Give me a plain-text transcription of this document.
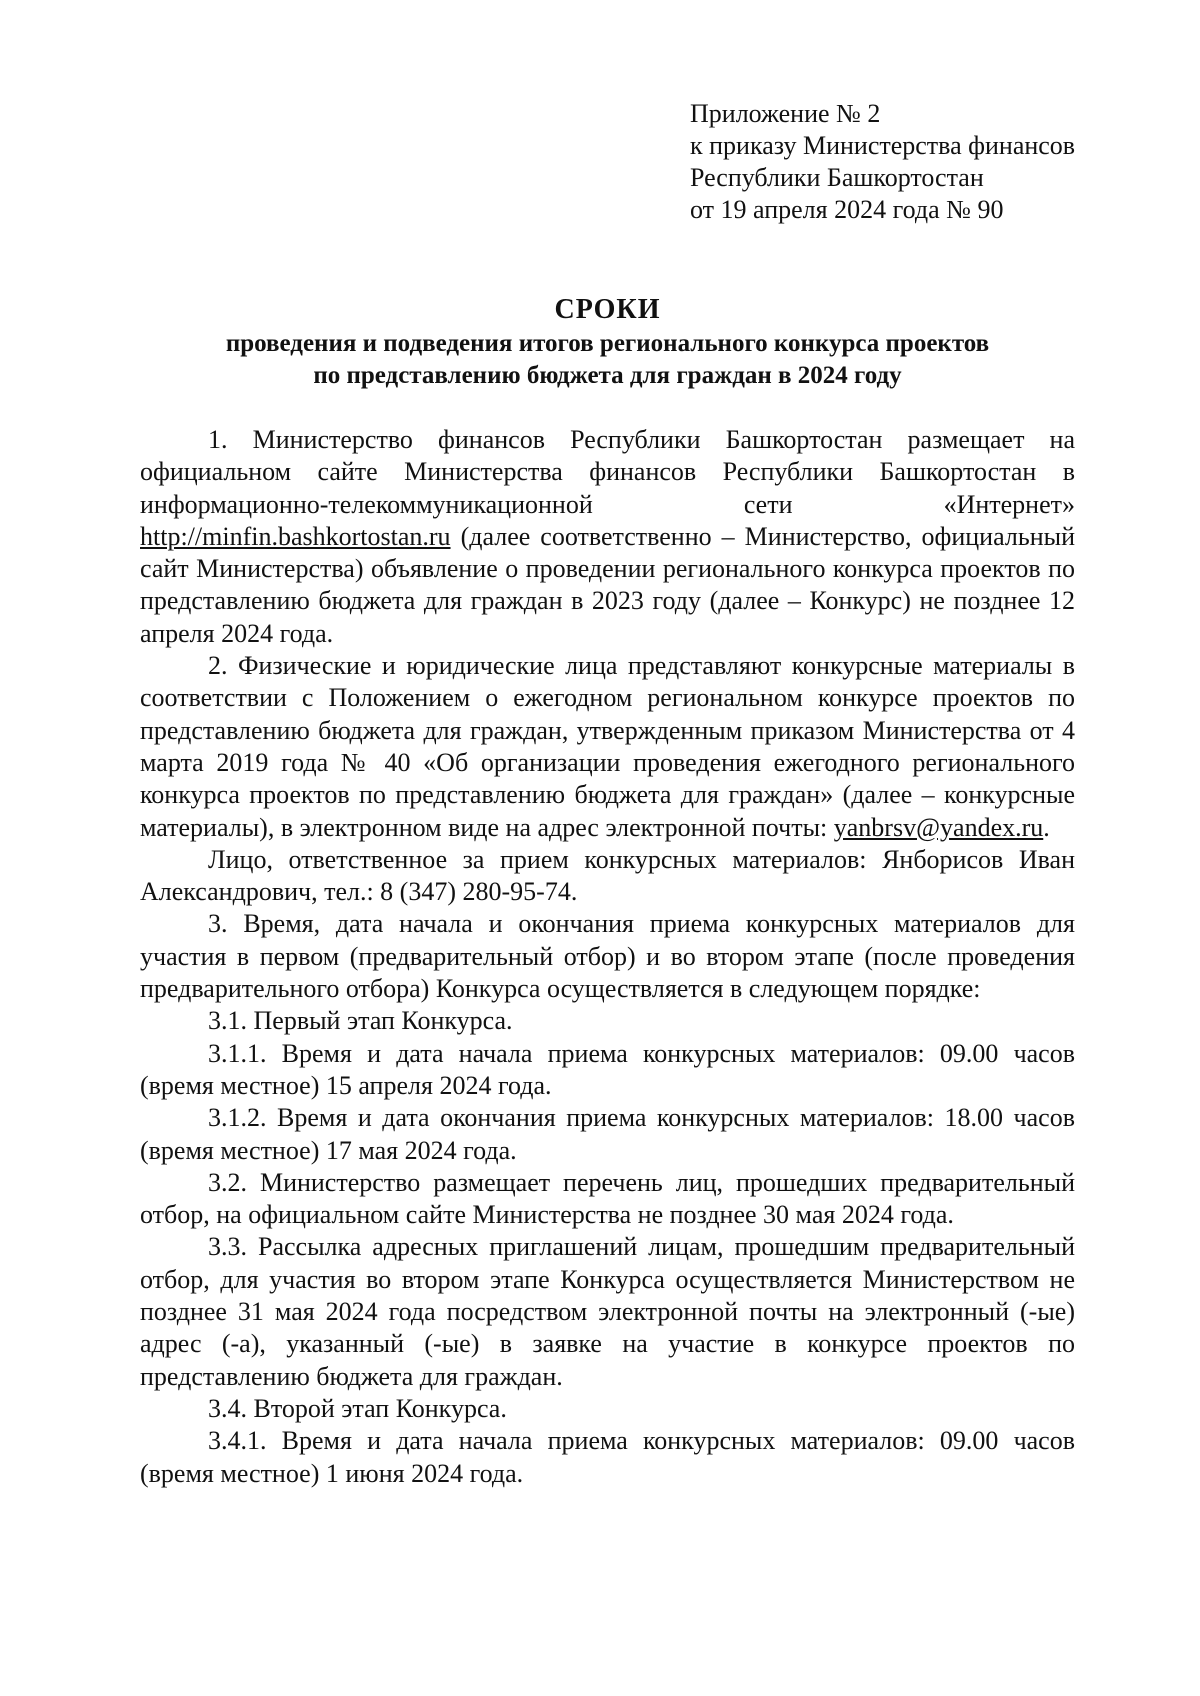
Приложение № 2
к приказу Министерства финансов
Республики Башкортостан
от 19 апреля 2024 года № 90
СРОКИ
проведения и подведения итогов регионального конкурса проектов
по представлению бюджета для граждан в 2024 году

1. Министерство финансов Республики Башкортостан размещает на официальном сайте Министерства финансов Республики Башкортостан в информационно-телекоммуникационной сети «Интернет» http://minfin.bashkortostan.ru (далее соответственно – Министерство, официальный сайт Министерства) объявление о проведении регионального конкурса проектов по представлению бюджета для граждан в 2023 году (далее – Конкурс) не позднее 12 апреля 2024 года.

2. Физические и юридические лица представляют конкурсные материалы в соответствии с Положением о ежегодном региональном конкурсе проектов по представлению бюджета для граждан, утвержденным приказом Министерства от 4 марта 2019 года № 40 «Об организации проведения ежегодного регионального конкурса проектов по представлению бюджета для граждан» (далее – конкурсные материалы), в электронном виде на адрес электронной почты: yanbrsv@yandex.ru.

Лицо, ответственное за прием конкурсных материалов: Янборисов Иван Александрович, тел.: 8 (347) 280-95-74.

3. Время, дата начала и окончания приема конкурсных материалов для участия в первом (предварительный отбор) и во втором этапе (после проведения предварительного отбора) Конкурса осуществляется в следующем порядке:

3.1. Первый этап Конкурса.

3.1.1. Время и дата начала приема конкурсных материалов: 09.00 часов (время местное) 15 апреля 2024 года.

3.1.2. Время и дата окончания приема конкурсных материалов: 18.00 часов (время местное) 17 мая 2024 года.

3.2. Министерство размещает перечень лиц, прошедших предварительный отбор, на официальном сайте Министерства не позднее 30 мая 2024 года.

3.3. Рассылка адресных приглашений лицам, прошедшим предварительный отбор, для участия во втором этапе Конкурса осуществляется Министерством не позднее 31 мая 2024 года посредством электронной почты на электронный (-ые) адрес (-а), указанный (-ые) в заявке на участие в конкурсе проектов по представлению бюджета для граждан.

3.4. Второй этап Конкурса.

3.4.1. Время и дата начала приема конкурсных материалов: 09.00 часов (время местное) 1 июня 2024 года.
